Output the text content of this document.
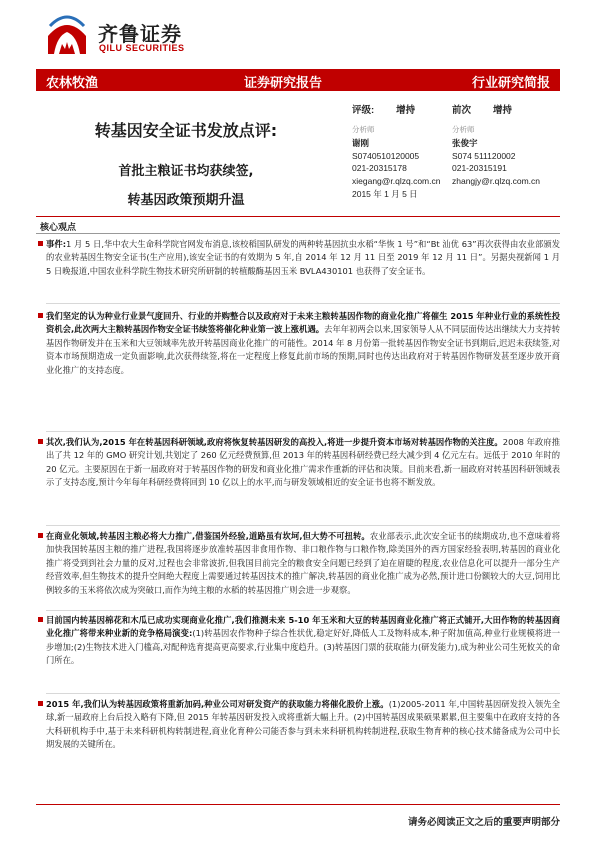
齐鲁证券
QILU SECURITIES
农林牧渔	证券研究报告	行业研究简报
转基因安全证书发放点评:
首批主粮证书均获续签,
转基因政策预期升温
评级: 增持
分析师
谢刚
S0740510120005
021-20315178
xiegang@r.qlzq.com.cn
2015 年 1 月 5 日
前次 增持
分析师
张俊宇
S074 511120002
021-20315191
zhangjy@r.qlzq.com.cn
核心观点
事件:1 月 5 日,华中农大生命科学院官网发布消息,该校稻国队研发的两种转基因抗虫水稻“华恢 1 号”和“Bt 汕优 63”再次获得由农业部颁发的农业转基因生物安全证书(生产应用),该安全证书的有效期为 5 年,自 2014 年 12 月 11 日至 2019 年 12 月 11 日”。另据央视新闻 1 月 5 日晚报道,中国农业科学院生物技术研究所研制的转植酸酶基因玉米 BVLA430101 也获得了安全证书。
我们坚定的认为种业行业景气度回升、行业的并购整合以及政府对于未来主粮转基因作物的商业化推广将催生 2015 年种业行业的系统性投资机会,此次两大主粮转基因作物安全证书续签将催化种业第一波上涨机遇。去年年初两会以来,国家领导人从不同层面传达出继续大力支持转基因作物研发并在玉米和大豆领域率先放开转基因商业化推广的可能性。2014 年 8 月份第一批转基因作物安全证书到期后,迟迟未获续签,对资本市场预期造成一定负面影响,此次获得续签,将在一定程度上修复此前市场的预期,同时也传达出政府对于转基因作物研发甚至逐步放开商业化推广的支持态度。
其次,我们认为,2015 年在转基因科研领域,政府将恢复转基因研发的高投入,将进一步提升资本市场对转基因作物的关注度。2008 年政府推出了共 12 年的 GMO 研究计划,共划定了 260 亿元经费预算,但 2013 年的转基因科研经费已经大减少到 4 亿元左右。远低于 2010 年时的 20 亿元。主要原因在于新一届政府对于转基因作物的研发和商业化推广需求作重新的评估和决策。目前来看,新一届政府对转基因科研领域表示了支持态度,预计今年每年科研经费将回到 10 亿以上的水平,而与研发领域相近的安全证书也将不断发放。
在商业化领域,转基因主粮必将大力推广,借鉴国外经验,道路虽有坎坷,但大势不可扭转。农业部表示,此次安全证书的续期成功,也不意味着将加快我国转基因主粮的推广进程,我国将逐步放准转基因非食用作物、非口粮作物与口粮作物,除美国外的西方国家经验表明,转基因的商业化推广将受到到社会力量的反对,过程也会非常波折,但我国目前完全的粮食安全问题已经到了迫在眉睫的程度,农业信息化可以提升一部分生产经营效率,但生物技术的提升空间绝大程度上需要通过转基因技术的推广解决,转基因的商业化推广成为必然,预计进口份额较大的大豆,饲用比例较多的玉米将依次成为突破口,而作为纯主粮的水稻的转基因推广则会进一步观察。
目前国内转基因棉花和木瓜已成功实现商业化推广,我们推测未来 5-10 年玉米和大豆的转基因商业化推广将正式铺开,大田作物的转基因商业化推广将带来种业新的竞争格局演变:(1)转基因农作物种子综合性状优,稳定好好,降低人工及物料成本,种子附加值高,种业行业规模将进一步增加;(2)生物技术进入门槛高,对配种选育提高更高要求,行业集中度趋升。(3)转基因门票的获取能力(研发能力),成为种业公司生死攸关的命门所在。
2015 年,我们认为转基因政策将重新加码,种业公司对研发资产的获取能力将催化股价上涨。(1)2005-2011 年,中国转基因研发投入领先全球,新一届政府上台后投入略有下降,但 2015 年转基因研发投入或将重新大幅上升。(2)中国转基因成果硕果累累,但主要集中在政府支持的各大科研机构手中,基于未来科研机构转制进程,商业化育种公司能否参与到未来科研机构转制进程,获取生物育种的核心技术储备成为公司中长期发展的关键所在。
请务必阅读正文之后的重要声明部分
